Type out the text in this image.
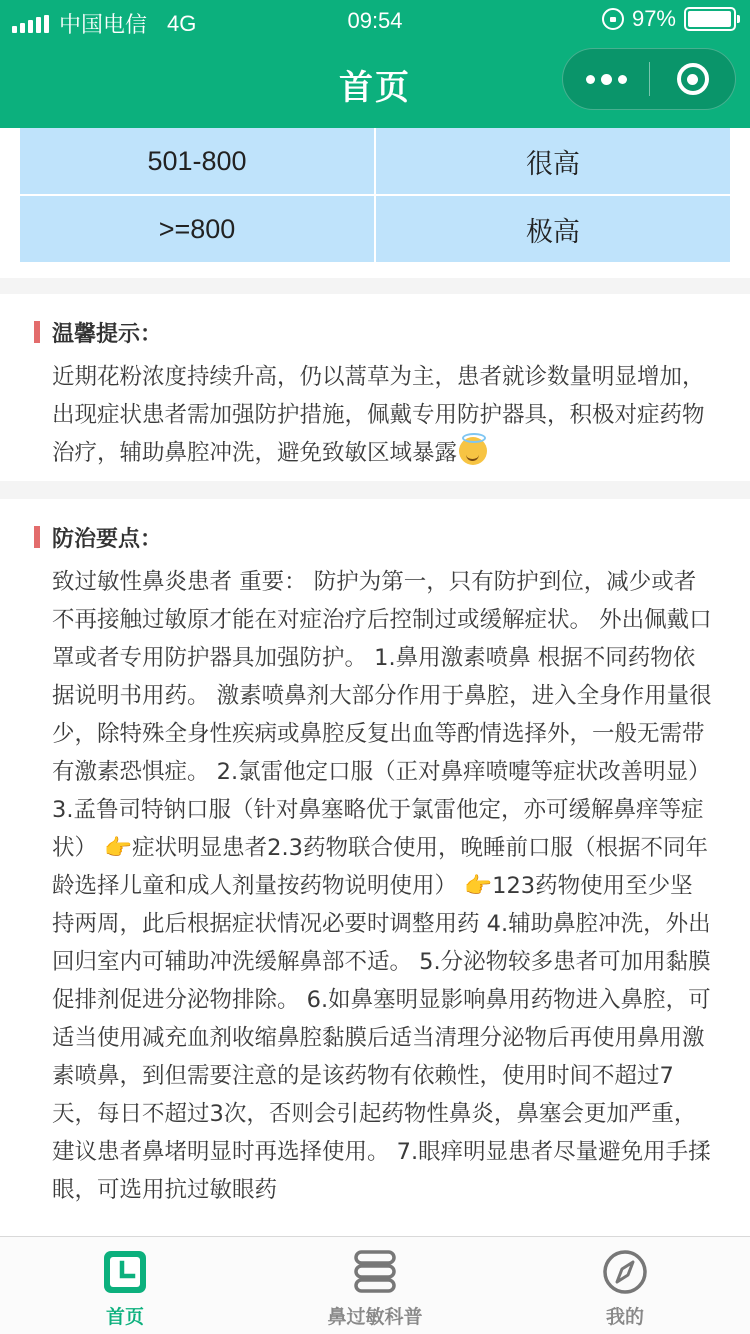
中国电信 4G	09:54	97%
首页
501-800	很高
>=800	极高
温馨提示：
近期花粉浓度持续升高，仍以蒿草为主，患者就诊数量明显增加，出现症状患者需加强防护措施，佩戴专用防护器具，积极对症药物治疗，辅助鼻腔冲洗，避免致敏区域暴露
防治要点：
致过敏性鼻炎患者 重要： 防护为第一，只有防护到位，减少或者不再接触过敏原才能在对症治疗后控制过或缓解症状。 外出佩戴口罩或者专用防护器具加强防护。 1.鼻用激素喷鼻 根据不同药物依据说明书用药。 激素喷鼻剂大部分作用于鼻腔，进入全身作用量很少，除特殊全身性疾病或鼻腔反复出血等酌情选择外，一般无需带有激素恐惧症。 2.氯雷他定口服（正对鼻痒喷嚏等症状改善明显） 3.孟鲁司特钠口服（针对鼻塞略优于氯雷他定，亦可缓解鼻痒等症状） 👉症状明显患者2.3药物联合使用，晚睡前口服（根据不同年龄选择儿童和成人剂量按药物说明使用） 👉123药物使用至少坚持两周，此后根据症状情况必要时调整用药 4.辅助鼻腔冲洗，外出回归室内可辅助冲洗缓解鼻部不适。 5.分泌物较多患者可加用黏膜促排剂促进分泌物排除。 6.如鼻塞明显影响鼻用药物进入鼻腔，可适当使用减充血剂收缩鼻腔黏膜后适当清理分泌物后再使用鼻用激素喷鼻，到但需要注意的是该药物有依赖性，使用时间不超过7天，每日不超过3次，否则会引起药物性鼻炎，鼻塞会更加严重，建议患者鼻堵明显时再选择使用。 7.眼痒明显患者尽量避免用手揉眼，可选用抗过敏眼药
首页	鼻过敏科普	我的
